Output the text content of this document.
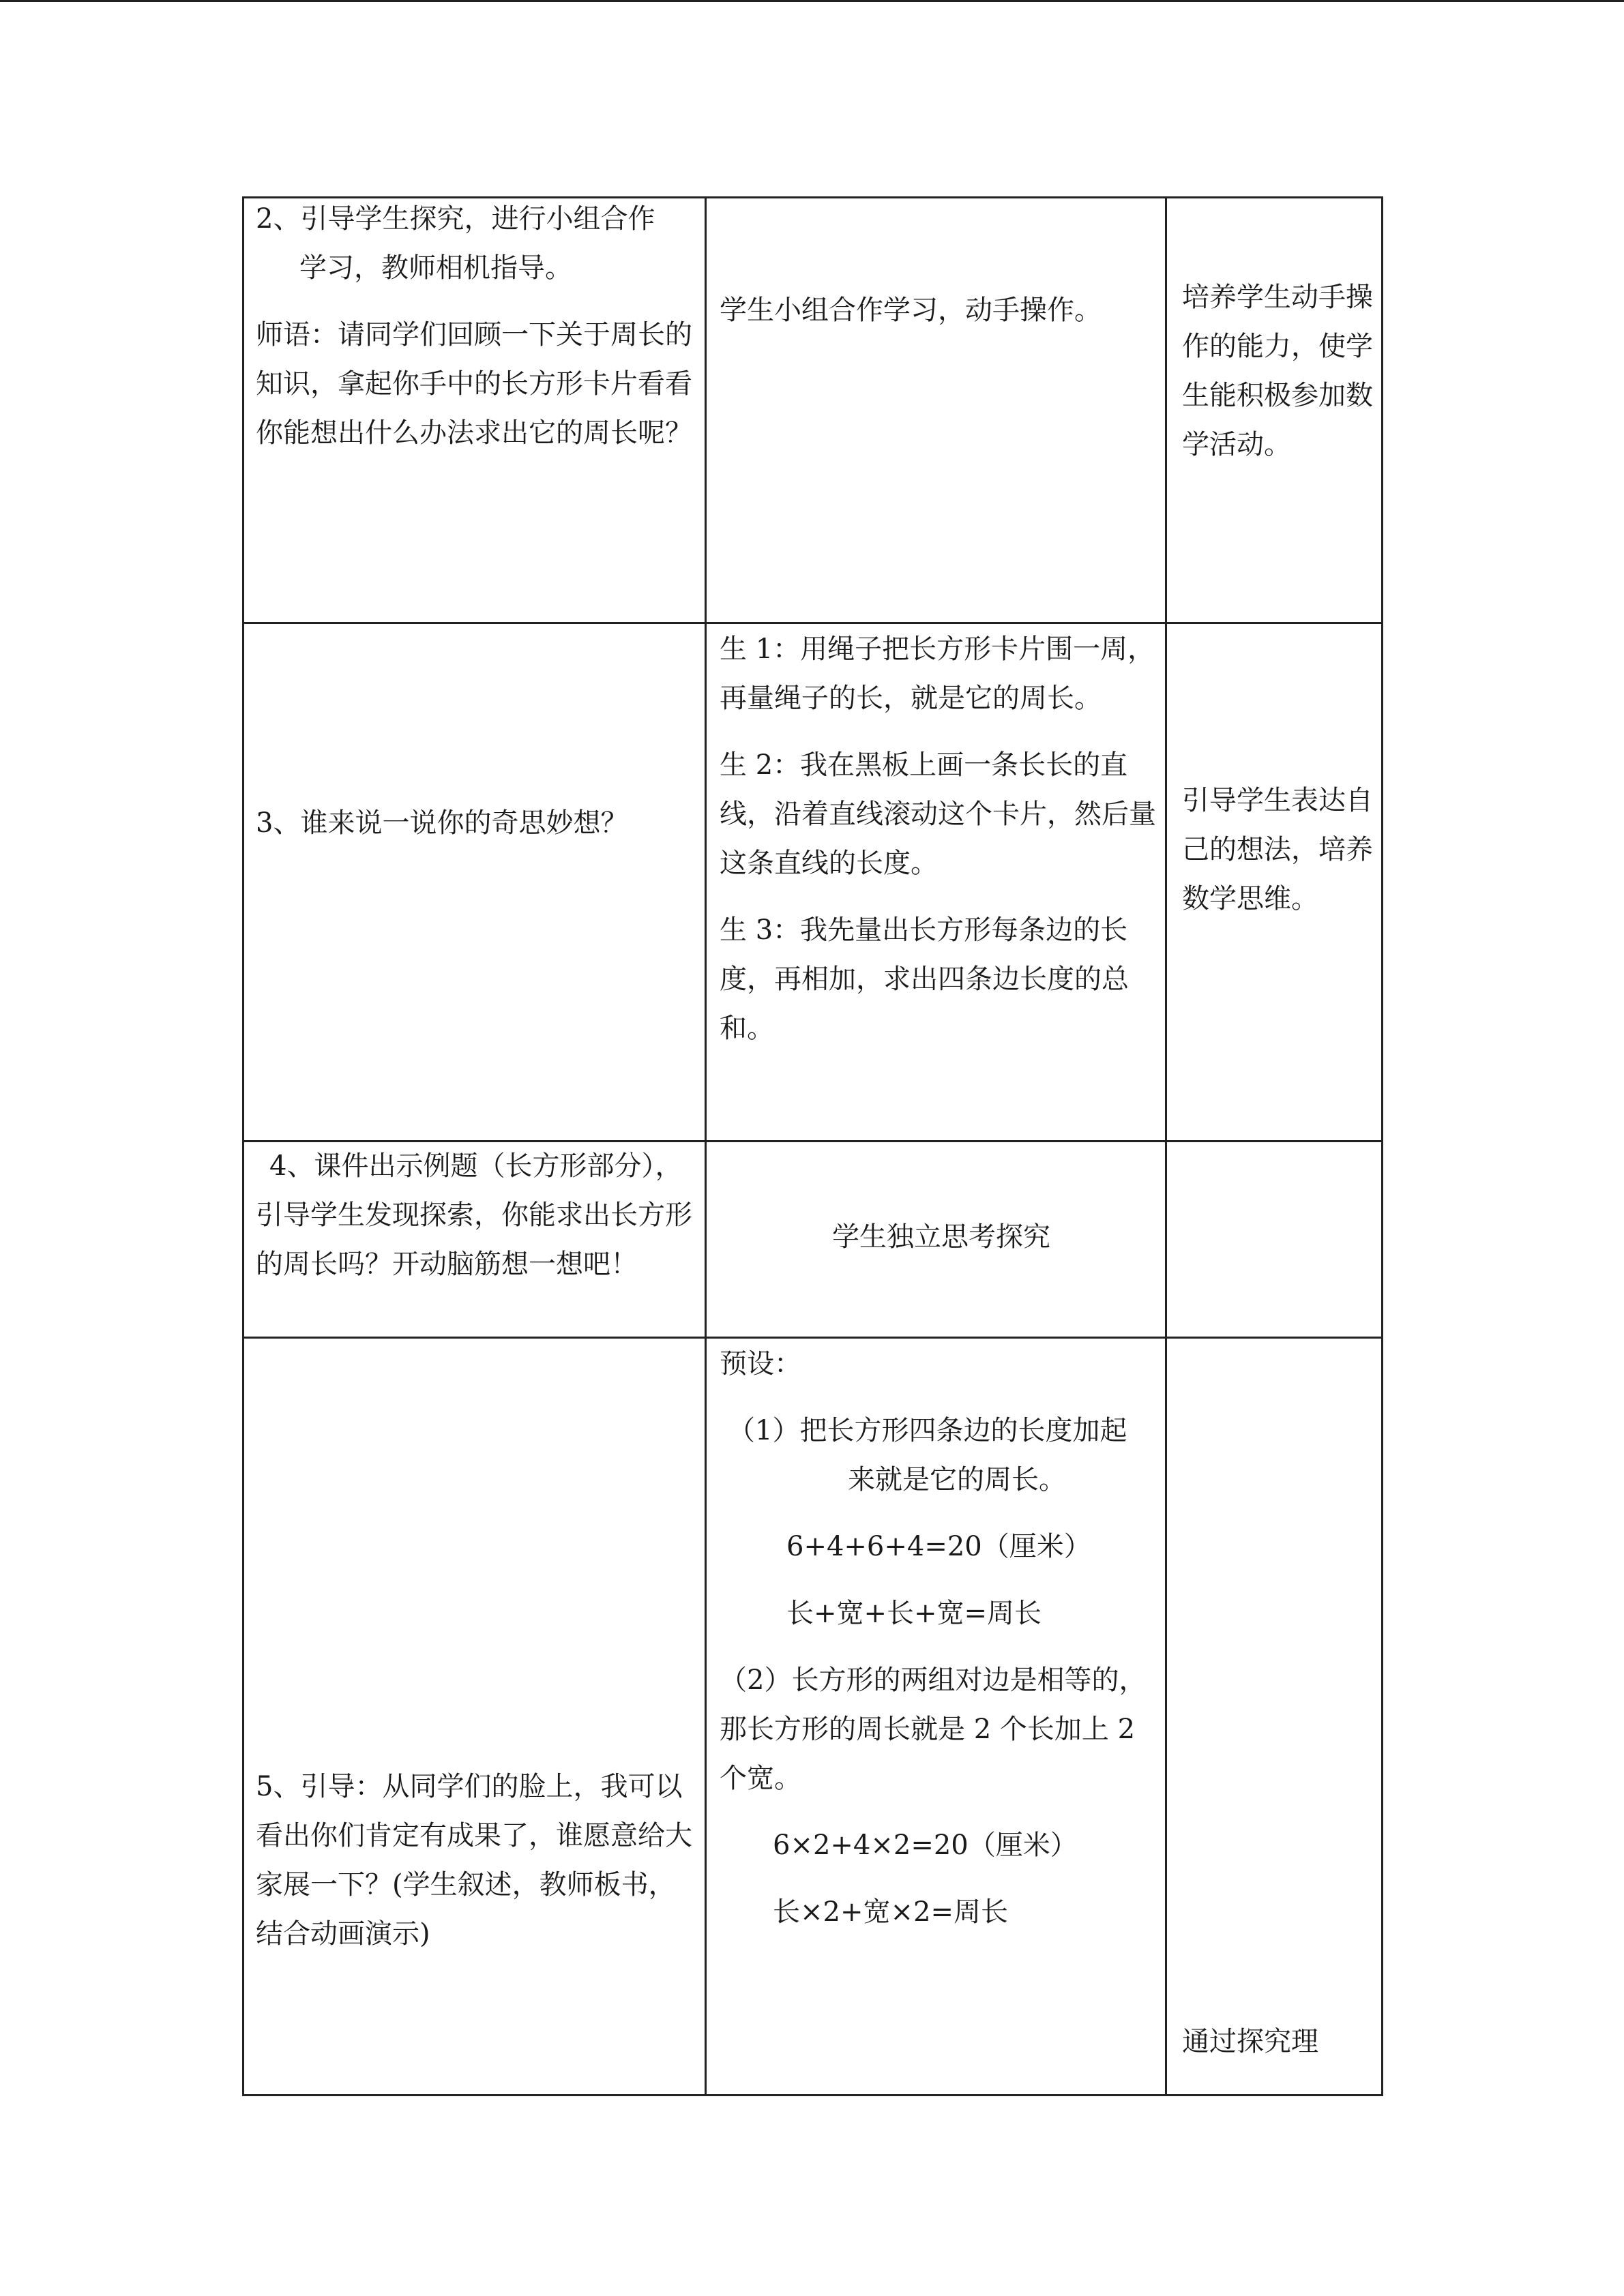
2、引导学生探究，进行小组合作

学习，教师相机指导。

师语：请同学们回顾一下关于周长的知识，拿起你手中的长方形卡片看看你能想出什么办法求出它的周长呢？

学生小组合作学习，动手操作。	培养学生动手操作的能力，使学生能积极参加数学活动。

3、谁来说一说你的奇思妙想？

生 1：用绳子把长方形卡片围一周，再量绳子的长，就是它的周长。

生 2：我在黑板上画一条长长的直线，沿着直线滚动这个卡片，然后量这条直线的长度。

生 3：我先量出长方形每条边的长度，再相加，求出四条边长度的总和。

引导学生表达自己的想法，培养数学思维。

4、课件出示例题（长方形部分），引导学生发现探索，你能求出长方形的周长吗？开动脑筋想一想吧！

学生独立思考探究

5、引导：从同学们的脸上，我可以看出你们肯定有成果了，谁愿意给大家展一下？(学生叙述，教师板书，结合动画演示)

预设：

（1）把长方形四条边的长度加起

来就是它的周长。

6+4+6+4=20（厘米）

长+宽+长+宽=周长

（2）长方形的两组对边是相等的，那长方形的周长就是 2 个长加上 2 个宽。

6×2+4×2=20（厘米）

长×2+宽×2=周长

通过探究理
